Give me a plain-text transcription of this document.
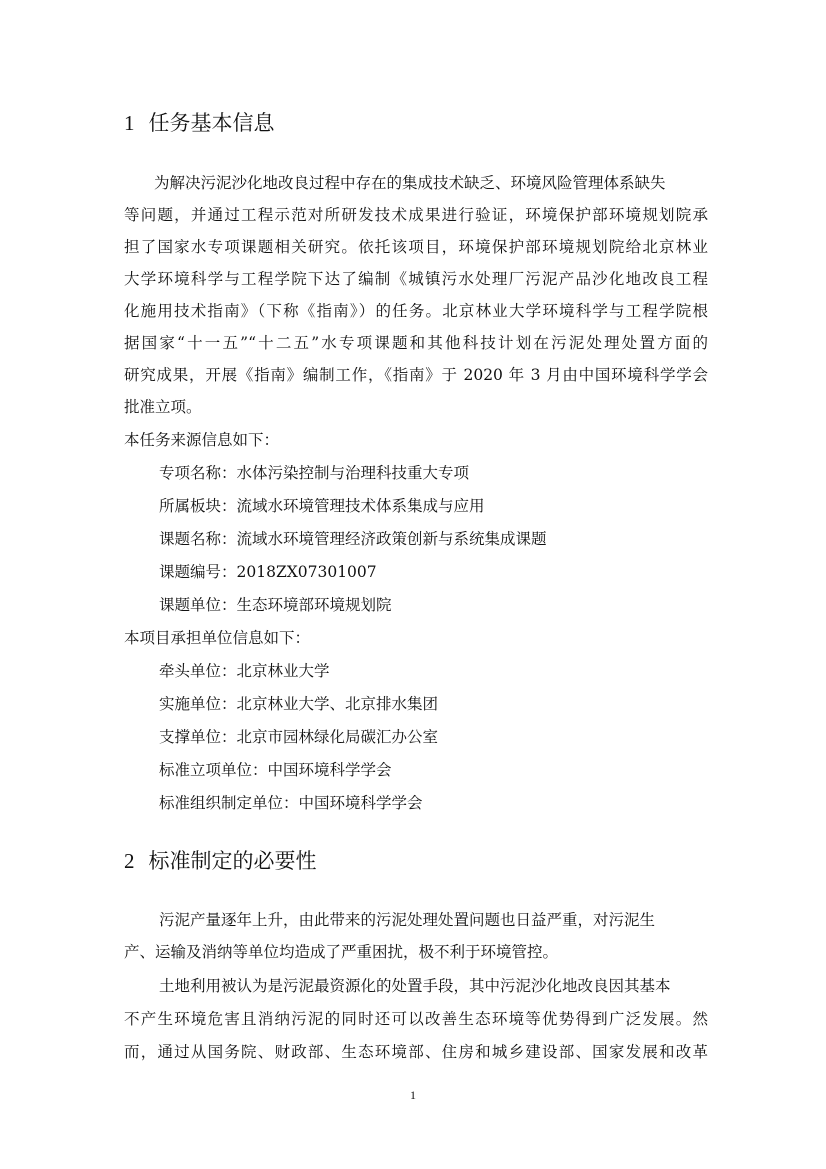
1 任务基本信息

为解决污泥沙化地改良过程中存在的集成技术缺乏、环境风险管理体系缺失

等问题，并通过工程示范对所研发技术成果进行验证，环境保护部环境规划院承

担了国家水专项课题相关研究。依托该项目，环境保护部环境规划院给北京林业

大学环境科学与工程学院下达了编制《城镇污水处理厂污泥产品沙化地改良工程

化施用技术指南》（下称《指南》）的任务。北京林业大学环境科学与工程学院根

据国家“十一五”“十二五”水专项课题和其他科技计划在污泥处理处置方面的

研究成果，开展《指南》编制工作，《指南》于 2020 年 3 月由中国环境科学学会

批准立项。

本任务来源信息如下：

专项名称：水体污染控制与治理科技重大专项

所属板块：流域水环境管理技术体系集成与应用

课题名称：流域水环境管理经济政策创新与系统集成课题

课题编号：2018ZX07301007

课题单位：生态环境部环境规划院

本项目承担单位信息如下：

牵头单位：北京林业大学

实施单位：北京林业大学、北京排水集团

支撑单位：北京市园林绿化局碳汇办公室

标准立项单位：中国环境科学学会

标准组织制定单位：中国环境科学学会

2 标准制定的必要性

污泥产量逐年上升，由此带来的污泥处理处置问题也日益严重，对污泥生

产、运输及消纳等单位均造成了严重困扰，极不利于环境管控。

土地利用被认为是污泥最资源化的处置手段，其中污泥沙化地改良因其基本

不产生环境危害且消纳污泥的同时还可以改善生态环境等优势得到广泛发展。然

而，通过从国务院、财政部、生态环境部、住房和城乡建设部、国家发展和改革

1
